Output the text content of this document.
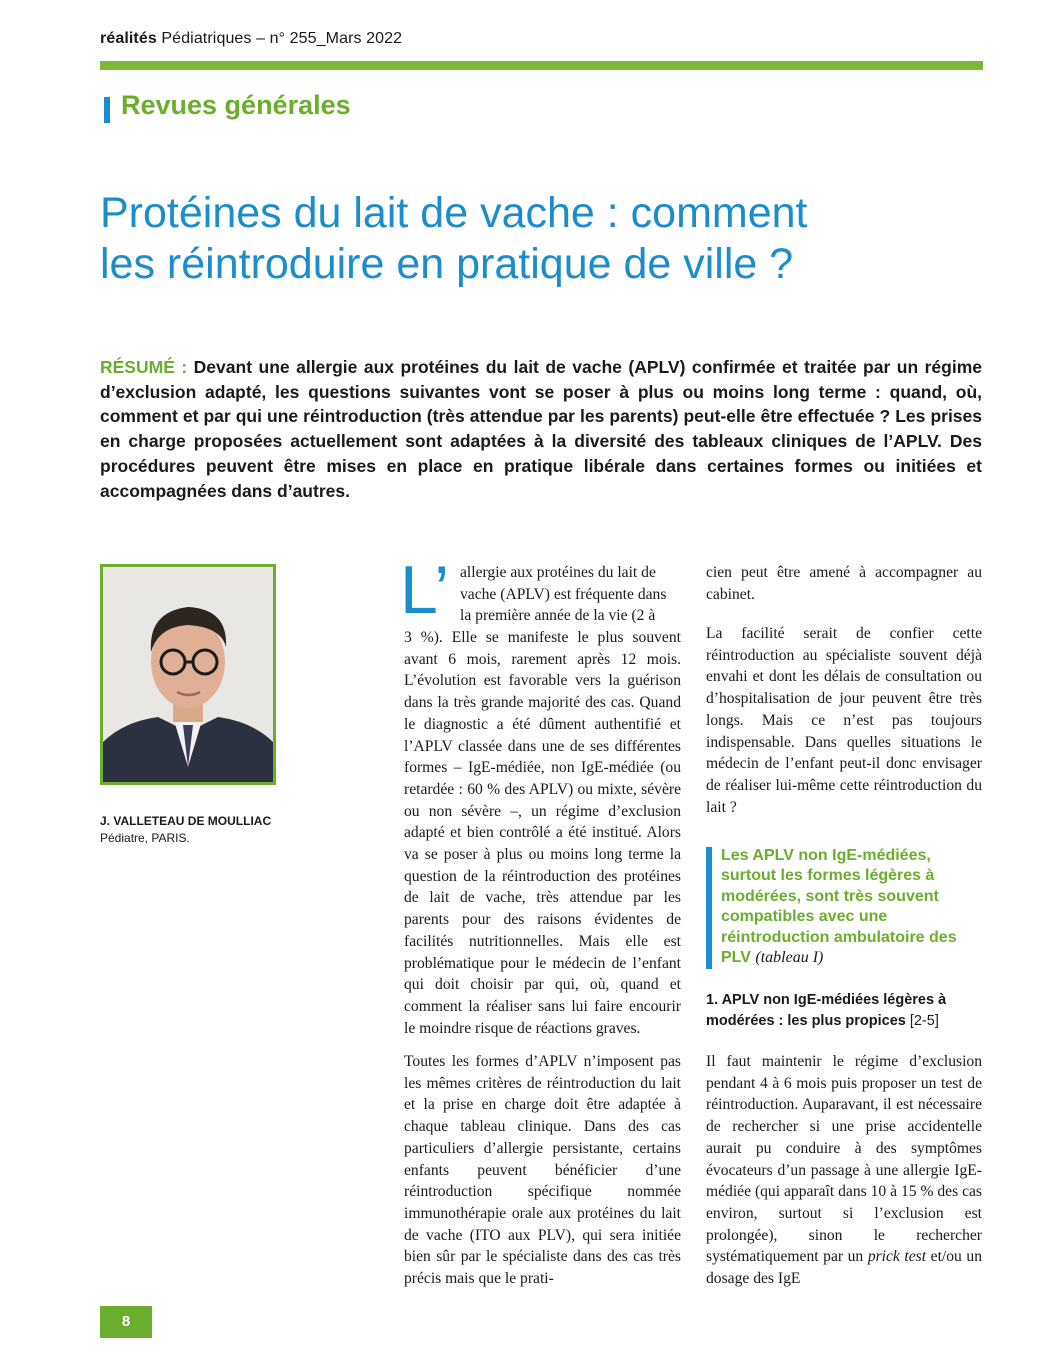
réalités Pédiatriques – n° 255_Mars 2022
Revues générales
Protéines du lait de vache : comment
les réintroduire en pratique de ville ?
RÉSUMÉ : Devant une allergie aux protéines du lait de vache (APLV) confirmée et traitée par un régime d’exclusion adapté, les questions suivantes vont se poser à plus ou moins long terme : quand, où, comment et par qui une réintroduction (très attendue par les parents) peut-elle être effectuée ? Les prises en charge proposées actuellement sont adaptées à la diversité des tableaux cliniques de l’APLV. Des procédures peuvent être mises en place en pratique libérale dans certaines formes ou initiées et accompagnées dans d’autres.
J. VALLETEAU DE MOULLIAC
Pédiatre, PARIS.
L’ allergie aux protéines du lait de
vache (APLV) est fréquente dans
la première année de la vie (2 à
3 %). Elle se manifeste le plus souvent avant 6 mois, rarement après 12 mois. L’évolution est favorable vers la guérison dans la très grande majorité des cas. Quand le diagnostic a été dûment authentifié et l’APLV classée dans une de ses différentes formes – IgE-médiée, non IgE-médiée (ou retardée : 60 % des APLV) ou mixte, sévère ou non sévère –, un régime d’exclusion adapté et bien contrôlé a été institué. Alors va se poser à plus ou moins long terme la question de la réintroduction des protéines de lait de vache, très attendue par les parents pour des raisons évidentes de facilités nutritionnelles. Mais elle est problématique pour le médecin de l’enfant qui doit choisir par qui, où, quand et comment la réaliser sans lui faire encourir le moindre risque de réactions graves.
Toutes les formes d’APLV n’imposent pas les mêmes critères de réintroduction du lait et la prise en charge doit être adaptée à chaque tableau clinique. Dans des cas particuliers d’allergie persistante, certains enfants peuvent bénéficier d’une réintroduction spécifique nommée immunothérapie orale aux protéines du lait de vache (ITO aux PLV), qui sera initiée bien sûr par le spécialiste dans des cas très précis mais que le prati-
cien peut être amené à accompagner au cabinet.
La facilité serait de confier cette réintroduction au spécialiste souvent déjà envahi et dont les délais de consultation ou d’hospitalisation de jour peuvent être très longs. Mais ce n’est pas toujours indispensable. Dans quelles situations le médecin de l’enfant peut-il donc envisager de réaliser lui-même cette réintroduction du lait ?
Les APLV non IgE-médiées, surtout les formes légères à modérées, sont très souvent compatibles avec une réintroduction ambulatoire des PLV (tableau I)
1. APLV non IgE-médiées légères à modérées : les plus propices [2-5]
Il faut maintenir le régime d’exclusion pendant 4 à 6 mois puis proposer un test de réintroduction. Auparavant, il est nécessaire de rechercher si une prise accidentelle aurait pu conduire à des symptômes évocateurs d’un passage à une allergie IgE-médiée (qui apparaît dans 10 à 15 % des cas environ, surtout si l’exclusion est prolongée), sinon le rechercher systématiquement par un prick test et/ou un dosage des IgE
8
